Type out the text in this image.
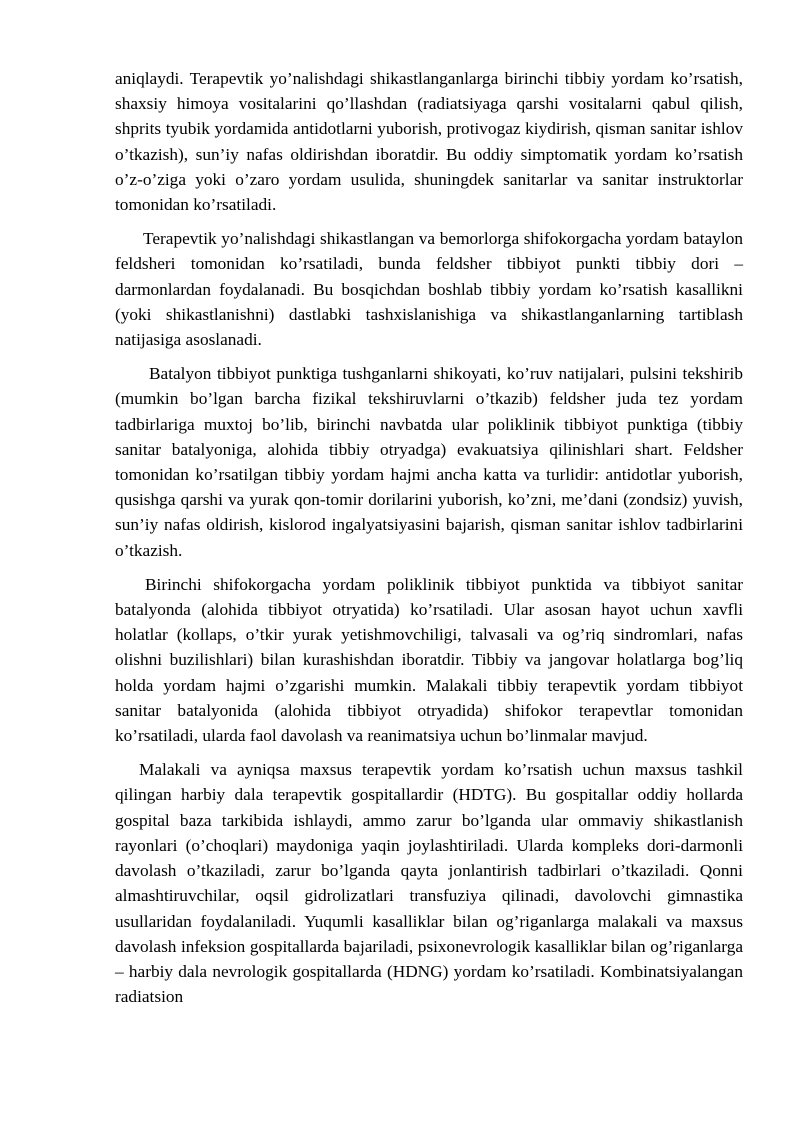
aniqlaydi. Terapevtik yo’nalishdagi shikastlanganlarga birinchi tibbiy yordam ko’rsatish, shaxsiy himoya vositalarini qo’llashdan (radiatsiyaga qarshi vositalarni qabul qilish, shprits tyubik yordamida antidotlarni yuborish, protivogaz kiydirish, qisman sanitar ishlov o’tkazish), sun’iy nafas oldirishdan iboratdir. Bu oddiy simptomatik yordam ko’rsatish o’z-o’ziga yoki o’zaro yordam usulida, shuningdek sanitarlar va sanitar instruktorlar tomonidan ko’rsatiladi.

Terapevtik yo’nalishdagi shikastlangan va bemorlorga shifokorgacha yordam bataylon feldsheri tomonidan ko’rsatiladi, bunda feldsher tibbiyot punkti tibbiy dori – darmonlardan foydalanadi. Bu bosqichdan boshlab tibbiy yordam ko’rsatish kasallikni (yoki shikastlanishni) dastlabki tashxislanishiga va shikastlanganlarning tartiblash natijasiga asoslanadi.

Batalyon tibbiyot punktiga tushganlarni shikoyati, ko’ruv natijalari, pulsini tekshirib (mumkin bo’lgan barcha fizikal tekshiruvlarni o’tkazib) feldsher juda tez yordam tadbirlariga muxtoj bo’lib, birinchi navbatda ular poliklinik tibbiyot punktiga (tibbiy sanitar batalyoniga, alohida tibbiy otryadga) evakuatsiya qilinishlari shart. Feldsher tomonidan ko’rsatilgan tibbiy yordam hajmi ancha katta va turlidir: antidotlar yuborish, qusishga qarshi va yurak qon-tomir dorilarini yuborish, ko’zni, me’dani (zondsiz) yuvish, sun’iy nafas oldirish, kislorod ingalyatsiyasini bajarish, qisman sanitar ishlov tadbirlarini o’tkazish.

Birinchi shifokorgacha yordam poliklinik tibbiyot punktida va tibbiyot sanitar batalyonda (alohida tibbiyot otryatida) ko’rsatiladi. Ular asosan hayot uchun xavfli holatlar (kollaps, o’tkir yurak yetishmovchiligi, talvasali va og’riq sindromlari, nafas olishni buzilishlari) bilan kurashishdan iboratdir. Tibbiy va jangovar holatlarga bog’liq holda yordam hajmi o’zgarishi mumkin. Malakali tibbiy terapevtik yordam tibbiyot sanitar batalyonida (alohida tibbiyot otryadida) shifokor terapevtlar tomonidan ko’rsatiladi, ularda faol davolash va reanimatsiya uchun bo’linmalar mavjud.

Malakali va ayniqsa maxsus terapevtik yordam ko’rsatish uchun maxsus tashkil qilingan harbiy dala terapevtik gospitallardir (HDTG). Bu gospitallar oddiy hollarda gospital baza tarkibida ishlaydi, ammo zarur bo’lganda ular ommaviy shikastlanish rayonlari (o’choqlari) maydoniga yaqin joylashtiriladi. Ularda kompleks dori-darmonli davolash o’tkaziladi, zarur bo’lganda qayta jonlantirish tadbirlari o’tkaziladi. Qonni almashtiruvchilar, oqsil gidrolizatlari transfuziya qilinadi, davolovchi gimnastika usullaridan foydalaniladi. Yuqumli kasalliklar bilan og’riganlarga malakali va maxsus davolash infeksion gospitallarda bajariladi, psixonevrologik kasalliklar bilan og’riganlarga – harbiy dala nevrologik gospitallarda (HDNG) yordam ko’rsatiladi. Kombinatsiyalangan radiatsion
